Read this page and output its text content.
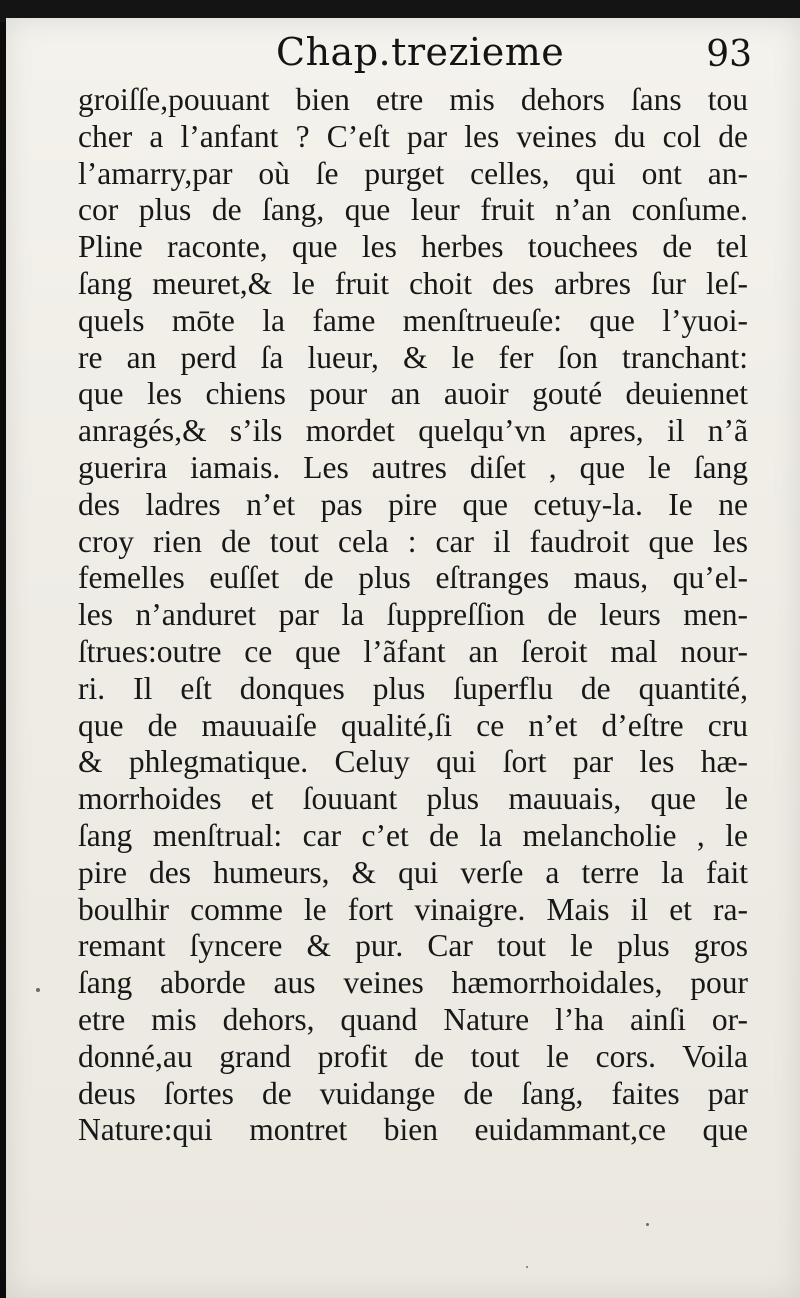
Chap.trezieme	93
groiſſe,pouuant bien etre mis dehors ſans tou
cher a l’anfant ? C’eſt par les veines du col de
l’amarry,par où ſe purget celles, qui ont an-
cor plus de ſang, que leur fruit n’an conſume.
Pline raconte, que les herbes touchees de tel
ſang meuret,& le fruit choit des arbres ſur leſ-
quels mōte la fame menſtrueuſe: que l’yuoi-
re an perd ſa lueur, & le fer ſon tranchant:
que les chiens pour an auoir gouté deuiennet
anragés,& s’ils mordet quelqu’vn apres, il n’ã
guerira iamais. Les autres diſet , que le ſang
des ladres n’et pas pire que cetuy-la. Ie ne
croy rien de tout cela : car il faudroit que les
femelles euſſet de plus eſtranges maus, qu’el-
les n’anduret par la ſuppreſſion de leurs men-
ſtrues:outre ce que l’ãfant an ſeroit mal nour-
ri. Il eſt donques plus ſuperflu de quantité,
que de mauuaiſe qualité,ſi ce n’et d’eſtre cru
& phlegmatique. Celuy qui ſort par les hæ-
morrhoides et ſouuant plus mauuais, que le
ſang menſtrual: car c’et de la melancholie , le
pire des humeurs, & qui verſe a terre la fait
boulhir comme le fort vinaigre. Mais il et ra-
remant ſyncere & pur. Car tout le plus gros
ſang aborde aus veines hæmorrhoidales, pour
etre mis dehors, quand Nature l’ha ainſi or-
donné,au grand profit de tout le cors. Voila
deus ſortes de vuidange de ſang, faites par
Nature:qui montret bien euidammant,ce que
